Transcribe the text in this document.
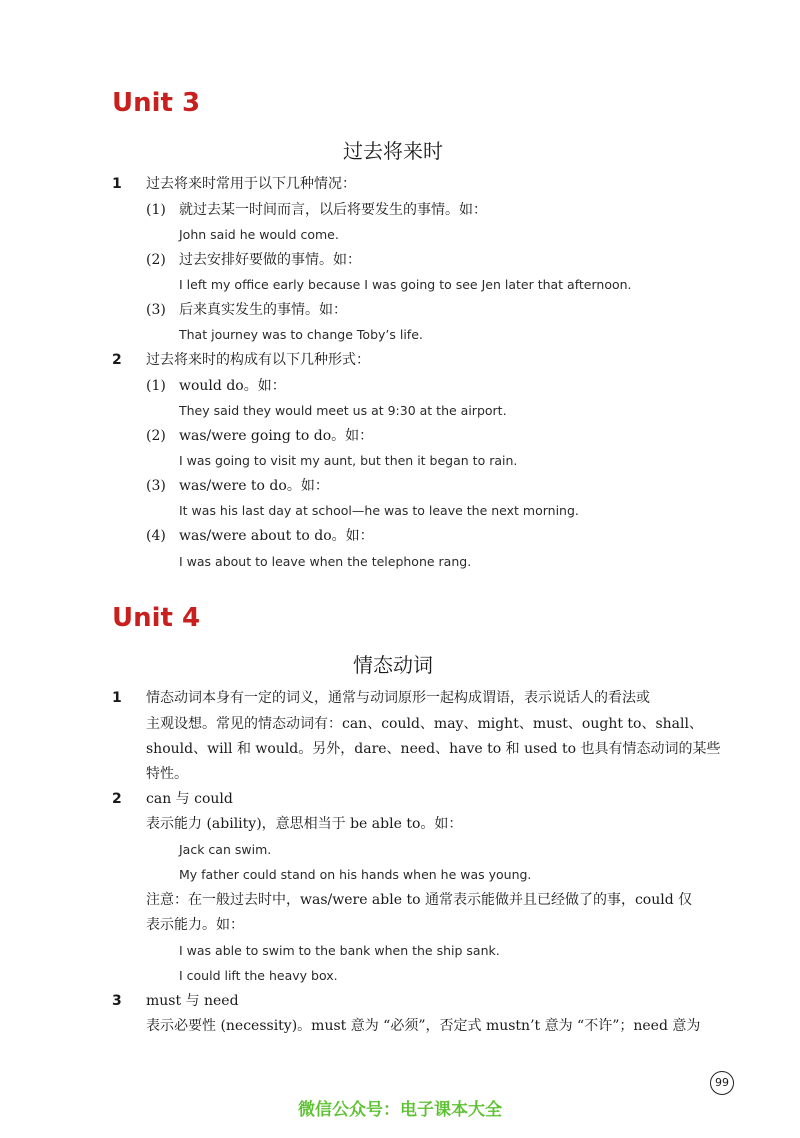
Unit 3
过去将来时
1 过去将来时常用于以下几种情况：
(1) 就过去某一时间而言，以后将要发生的事情。如：
John said he would come.
(2) 过去安排好要做的事情。如：
I left my office early because I was going to see Jen later that afternoon.
(3) 后来真实发生的事情。如：
That journey was to change Toby’s life.
2 过去将来时的构成有以下几种形式：
(1) would do。如：
They said they would meet us at 9:30 at the airport.
(2) was/were going to do。如：
I was going to visit my aunt, but then it began to rain.
(3) was/were to do。如：
It was his last day at school—he was to leave the next morning.
(4) was/were about to do。如：
I was about to leave when the telephone rang.
Unit 4
情态动词
1 情态动词本身有一定的词义，通常与动词原形一起构成谓语，表示说话人的看法或
主观设想。常见的情态动词有：can、could、may、might、must、ought to、shall、
should、will 和 would。另外，dare、need、have to 和 used to 也具有情态动词的某些
特性。
2 can 与 could
表示能力 (ability)，意思相当于 be able to。如：
Jack can swim.
My father could stand on his hands when he was young.
注意：在一般过去时中，was/were able to 通常表示能做并且已经做了的事，could 仅
表示能力。如：
I was able to swim to the bank when the ship sank.
I could lift the heavy box.
3 must 与 need
表示必要性 (necessity)。must 意为 “必须”，否定式 mustn’t 意为 “不许”；need 意为
99
微信公众号：电子课本大全
